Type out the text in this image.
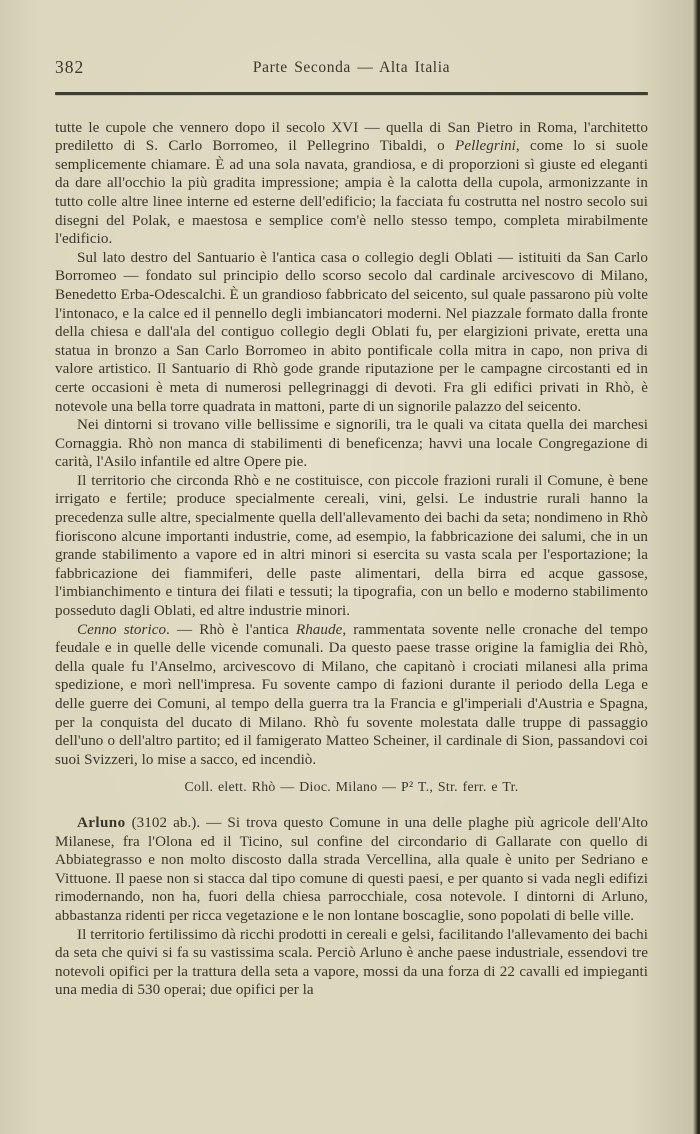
382	Parte Seconda — Alta Italia

tutte le cupole che vennero dopo il secolo XVI — quella di San Pietro in Roma, l'architetto prediletto di S. Carlo Borromeo, il Pellegrino Tibaldi, o Pellegrini, come lo si suole semplicemente chiamare. È ad una sola navata, grandiosa, e di proporzioni sì giuste ed eleganti da dare all'occhio la più gradita impressione; ampia è la calotta della cupola, armonizzante in tutto colle altre linee interne ed esterne dell'edificio; la facciata fu costrutta nel nostro secolo sui disegni del Polak, e maestosa e semplice com'è nello stesso tempo, completa mirabilmente l'edificio.

Sul lato destro del Santuario è l'antica casa o collegio degli Oblati — istituiti da San Carlo Borromeo — fondato sul principio dello scorso secolo dal cardinale arcivescovo di Milano, Benedetto Erba-Odescalchi. È un grandioso fabbricato del seicento, sul quale passarono più volte l'intonaco, e la calce ed il pennello degli imbiancatori moderni. Nel piazzale formato dalla fronte della chiesa e dall'ala del contiguo collegio degli Oblati fu, per elargizioni private, eretta una statua in bronzo a San Carlo Borromeo in abito pontificale colla mitra in capo, non priva di valore artistico. Il Santuario di Rhò gode grande riputazione per le campagne circostanti ed in certe occasioni è meta di numerosi pellegrinaggi di devoti. Fra gli edifici privati in Rhò, è notevole una bella torre quadrata in mattoni, parte di un signorile palazzo del seicento.

Nei dintorni si trovano ville bellissime e signorili, tra le quali va citata quella dei marchesi Cornaggia. Rhò non manca di stabilimenti di beneficenza; havvi una locale Congregazione di carità, l'Asilo infantile ed altre Opere pie.

Il territorio che circonda Rhò e ne costituisce, con piccole frazioni rurali il Comune, è bene irrigato e fertile; produce specialmente cereali, vini, gelsi. Le industrie rurali hanno la precedenza sulle altre, specialmente quella dell'allevamento dei bachi da seta; nondimeno in Rhò fioriscono alcune importanti industrie, come, ad esempio, la fabbricazione dei salumi, che in un grande stabilimento a vapore ed in altri minori si esercita su vasta scala per l'esportazione; la fabbricazione dei fiammiferi, delle paste alimentari, della birra ed acque gassose, l'imbianchimento e tintura dei filati e tessuti; la tipografia, con un bello e moderno stabilimento posseduto dagli Oblati, ed altre industrie minori.

Cenno storico. — Rhò è l'antica Rhaude, rammentata sovente nelle cronache del tempo feudale e in quelle delle vicende comunali. Da questo paese trasse origine la famiglia dei Rhò, della quale fu l'Anselmo, arcivescovo di Milano, che capitanò i crociati milanesi alla prima spedizione, e morì nell'impresa. Fu sovente campo di fazioni durante il periodo della Lega e delle guerre dei Comuni, al tempo della guerra tra la Francia e gl'imperiali d'Austria e Spagna, per la conquista del ducato di Milano. Rhò fu sovente molestata dalle truppe di passaggio dell'uno o dell'altro partito; ed il famigerato Matteo Scheiner, il cardinale di Sion, passandovi coi suoi Svizzeri, lo mise a sacco, ed incendiò.

Coll. elett. Rhò — Dioc. Milano — P² T., Str. ferr. e Tr.

Arluno (3102 ab.). — Si trova questo Comune in una delle plaghe più agricole dell'Alto Milanese, fra l'Olona ed il Ticino, sul confine del circondario di Gallarate con quello di Abbiategrasso e non molto discosto dalla strada Vercellina, alla quale è unito per Sedriano e Vittuone. Il paese non si stacca dal tipo comune di questi paesi, e per quanto si vada negli edifizi rimodernando, non ha, fuori della chiesa parrocchiale, cosa notevole. I dintorni di Arluno, abbastanza ridenti per ricca vegetazione e le non lontane boscaglie, sono popolati di belle ville.

Il territorio fertilissimo dà ricchi prodotti in cereali e gelsi, facilitando l'allevamento dei bachi da seta che quivi si fa su vastissima scala. Perciò Arluno è anche paese industriale, essendovi tre notevoli opifici per la trattura della seta a vapore, mossi da una forza di 22 cavalli ed impieganti una media di 530 operai; due opifici per la
